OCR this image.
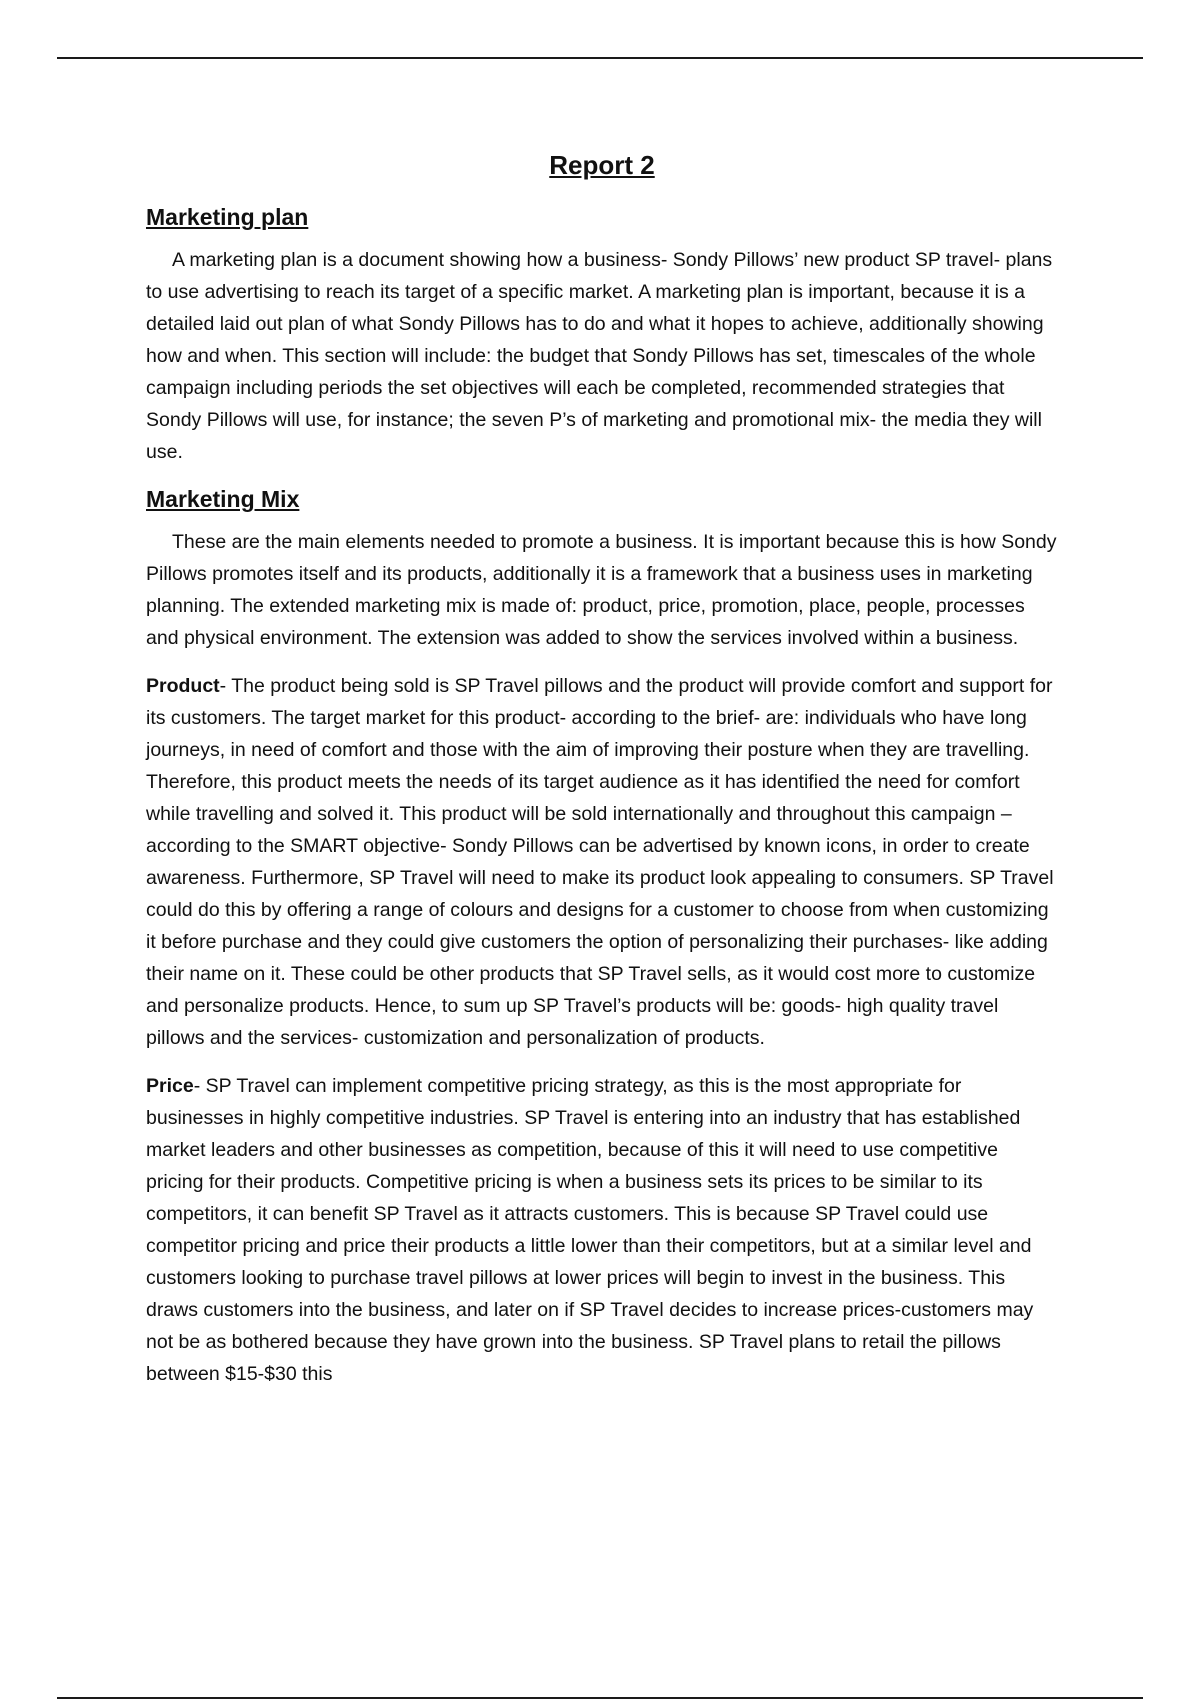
Report 2
Marketing plan

A marketing plan is a document showing how a business- Sondy Pillows’ new product SP travel- plans to use advertising to reach its target of a specific market. A marketing plan is important, because it is a detailed laid out plan of what Sondy Pillows has to do and what it hopes to achieve, additionally showing how and when. This section will include: the budget that Sondy Pillows has set, timescales of the whole campaign including periods the set objectives will each be completed, recommended strategies that Sondy Pillows will use, for instance; the seven P’s of marketing and promotional mix- the media they will use.

Marketing Mix

These are the main elements needed to promote a business. It is important because this is how Sondy Pillows promotes itself and its products, additionally it is a framework that a business uses in marketing planning. The extended marketing mix is made of: product, price, promotion, place, people, processes and physical environment. The extension was added to show the services involved within a business.

Product- The product being sold is SP Travel pillows and the product will provide comfort and support for its customers. The target market for this product- according to the brief- are: individuals who have long journeys, in need of comfort and those with the aim of improving their posture when they are travelling. Therefore, this product meets the needs of its target audience as it has identified the need for comfort while travelling and solved it. This product will be sold internationally and throughout this campaign – according to the SMART objective- Sondy Pillows can be advertised by known icons, in order to create awareness. Furthermore, SP Travel will need to make its product look appealing to consumers. SP Travel could do this by offering a range of colours and designs for a customer to choose from when customizing it before purchase and they could give customers the option of personalizing their purchases- like adding their name on it. These could be other products that SP Travel sells, as it would cost more to customize and personalize products. Hence, to sum up SP Travel’s products will be: goods- high quality travel pillows and the services- customization and personalization of products.

Price- SP Travel can implement competitive pricing strategy, as this is the most appropriate for businesses in highly competitive industries. SP Travel is entering into an industry that has established market leaders and other businesses as competition, because of this it will need to use competitive pricing for their products. Competitive pricing is when a business sets its prices to be similar to its competitors, it can benefit SP Travel as it attracts customers. This is because SP Travel could use competitor pricing and price their products a little lower than their competitors, but at a similar level and customers looking to purchase travel pillows at lower prices will begin to invest in the business. This draws customers into the business, and later on if SP Travel decides to increase prices-customers may not be as bothered because they have grown into the business. SP Travel plans to retail the pillows between $15-$30 this
